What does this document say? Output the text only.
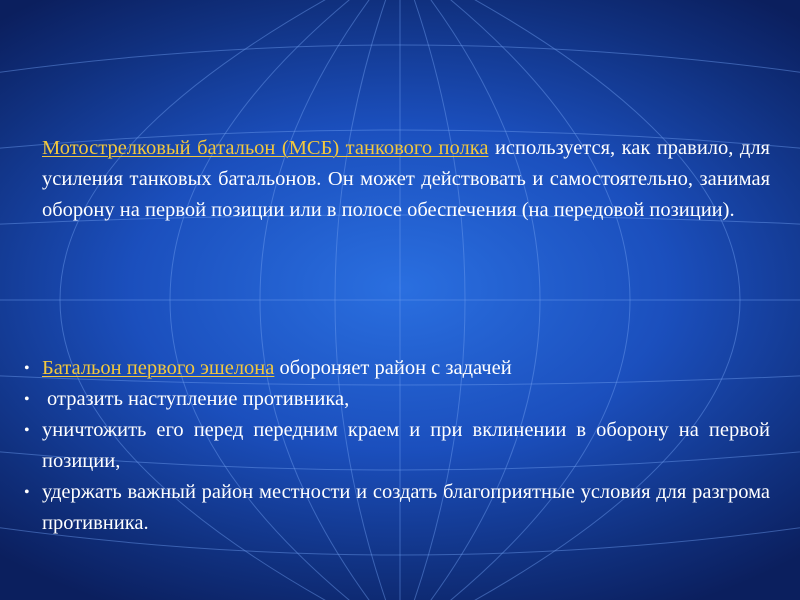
Мотострелковый батальон (МСБ) танкового полка используется, как правило, для усиления танковых батальонов. Он может действовать и самостоятельно, занимая оборону на первой позиции или в полосе обеспечения (на передовой позиции).

• Батальон первого эшелона обороняет район с задачей
• отразить наступление противника,
• уничтожить его перед передним краем и при вклинении в оборону на первой позиции,
• удержать важный район местности и создать благоприятные условия для разгрома противника.
